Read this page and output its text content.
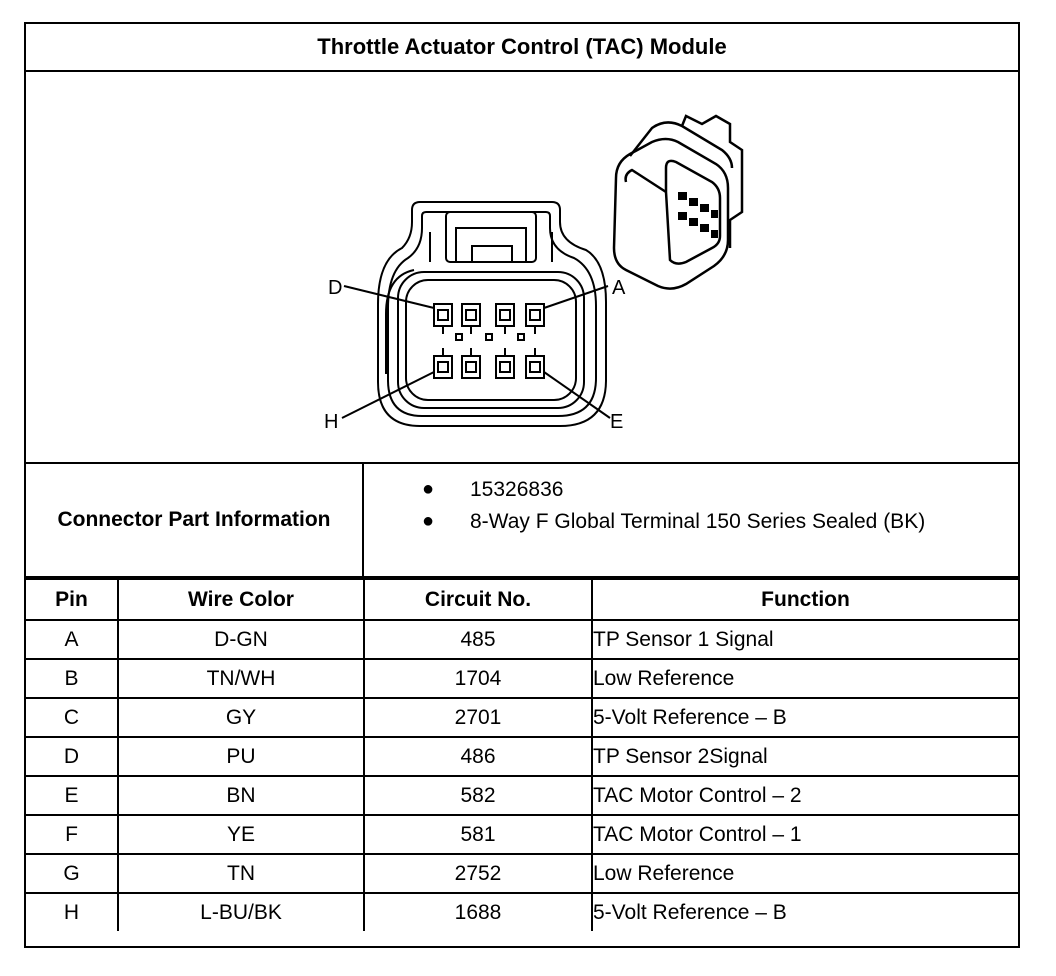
Throttle Actuator Control (TAC) Module
D	A
H	E
Connector Part Information
● 15326836
● 8-Way F Global Terminal 150 Series Sealed (BK)
Pin	Wire Color	Circuit No.	Function
A	D-GN	485	TP Sensor 1 Signal
B	TN/WH	1704	Low Reference
C	GY	2701	5-Volt Reference – B
D	PU	486	TP Sensor 2Signal
E	BN	582	TAC Motor Control – 2
F	YE	581	TAC Motor Control – 1
G	TN	2752	Low Reference
H	L-BU/BK	1688	5-Volt Reference – B
